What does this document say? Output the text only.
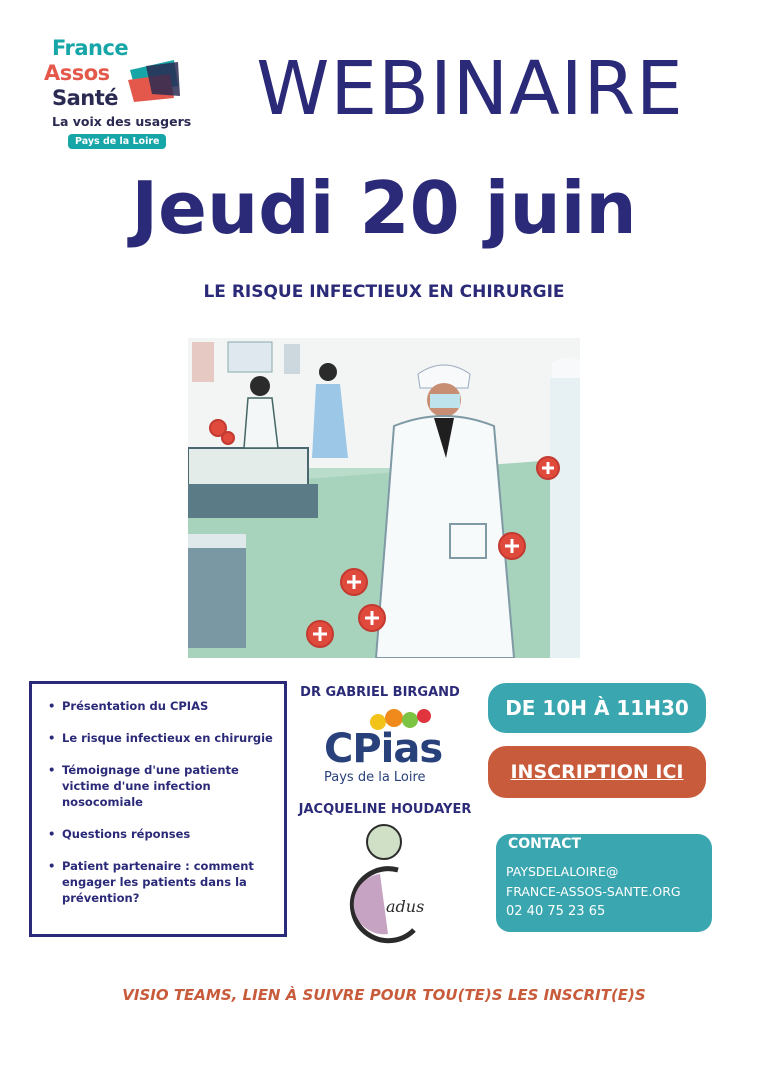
France
Assos
Santé
La voix des usagers
Pays de la Loire
WEBINAIRE
Jeudi 20 juin
LE RISQUE INFECTIEUX EN CHIRURGIE
• Présentation du CPIAS
• Le risque infectieux en chirurgie
• Témoignage d'une patiente victime d'une infection nosocomiale
• Questions réponses
• Patient partenaire : comment engager les patients dans la prévention?
DR GABRIEL BIRGAND
CPias
Pays de la Loire
JACQUELINE HOUDAYER
adus
DE 10H À 11H30
INSCRIPTION ICI
CONTACT
PAYSDELALOIRE@
FRANCE-ASSOS-SANTE.ORG
02 40 75 23 65
VISIO TEAMS, LIEN À SUIVRE POUR TOU(TE)S LES INSCRIT(E)S
